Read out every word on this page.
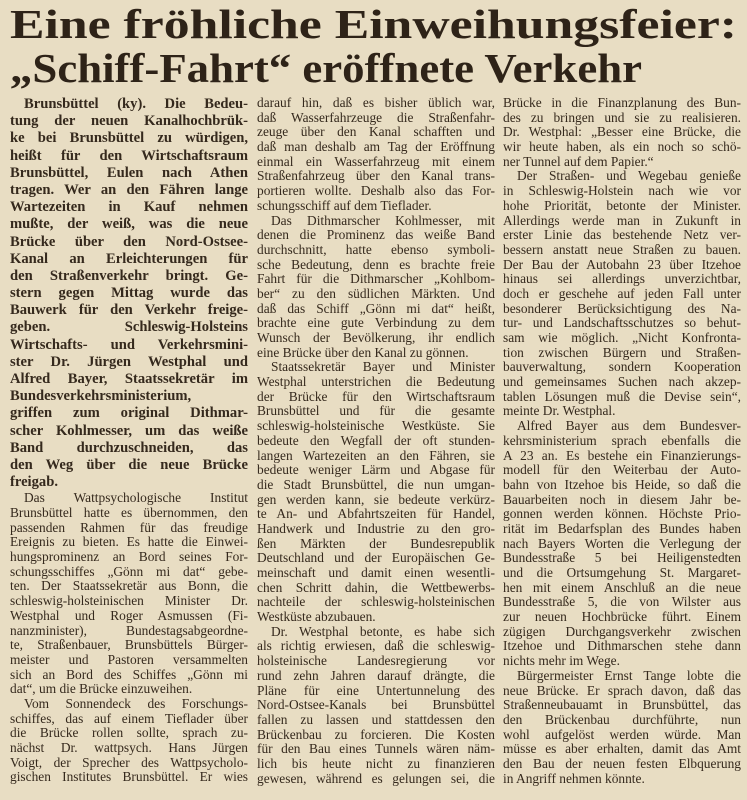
Eine fröhliche Einweihungsfeier:
„Schiff-Fahrt“ eröffnete Verkehr
Brunsbüttel (ky). Die Bedeu-
tung der neuen Kanalhochbrük-
ke bei Brunsbüttel zu würdigen,
heißt für den Wirtschaftsraum
Brunsbüttel, Eulen nach Athen
tragen. Wer an den Fähren lange
Wartezeiten in Kauf nehmen
mußte, der weiß, was die neue
Brücke über den Nord-Ostsee-
Kanal an Erleichterungen für
den Straßenverkehr bringt. Ge-
stern gegen Mittag wurde das
Bauwerk für den Verkehr freige-
geben. Schleswig-Holsteins
Wirtschafts- und Verkehrsmini-
ster Dr. Jürgen Westphal und
Alfred Bayer, Staatssekretär im
Bundesverkehrsministerium,
griffen zum original Dithmar-
scher Kohlmesser, um das weiße
Band durchzuschneiden, das
den Weg über die neue Brücke
freigab.
Das Wattpsychologische Institut
Brunsbüttel hatte es übernommen, den
passenden Rahmen für das freudige
Ereignis zu bieten. Es hatte die Einwei-
hungsprominenz an Bord seines For-
schungsschiffes „Gönn mi dat“ gebe-
ten. Der Staatssekretär aus Bonn, die
schleswig-holsteinischen Minister Dr.
Westphal und Roger Asmussen (Fi-
nanzminister), Bundestagsabgeordne-
te, Straßenbauer, Brunsbüttels Bürger-
meister und Pastoren versammelten
sich an Bord des Schiffes „Gönn mi
dat“, um die Brücke einzuweihen.
Vom Sonnendeck des Forschungs-
schiffes, das auf einem Tieflader über
die Brücke rollen sollte, sprach zu-
nächst Dr. wattpsych. Hans Jürgen
Voigt, der Sprecher des Wattpsycholo-
gischen Institutes Brunsbüttel. Er wies
darauf hin, daß es bisher üblich war,
daß Wasserfahrzeuge die Straßenfahr-
zeuge über den Kanal schafften und
daß man deshalb am Tag der Eröffnung
einmal ein Wasserfahrzeug mit einem
Straßenfahrzeug über den Kanal trans-
portieren wollte. Deshalb also das For-
schungsschiff auf dem Tieflader.
Das Dithmarscher Kohlmesser, mit
denen die Prominenz das weiße Band
durchschnitt, hatte ebenso symboli-
sche Bedeutung, denn es brachte freie
Fahrt für die Dithmarscher „Kohlbom-
ber“ zu den südlichen Märkten. Und
daß das Schiff „Gönn mi dat“ heißt,
brachte eine gute Verbindung zu dem
Wunsch der Bevölkerung, ihr endlich
eine Brücke über den Kanal zu gönnen.
Staatssekretär Bayer und Minister
Westphal unterstrichen die Bedeutung
der Brücke für den Wirtschaftsraum
Brunsbüttel und für die gesamte
schleswig-holsteinische Westküste. Sie
bedeute den Wegfall der oft stunden-
langen Wartezeiten an den Fähren, sie
bedeute weniger Lärm und Abgase für
die Stadt Brunsbüttel, die nun umgan-
gen werden kann, sie bedeute verkürz-
te An- und Abfahrtszeiten für Handel,
Handwerk und Industrie zu den gro-
ßen Märkten der Bundesrepublik
Deutschland und der Europäischen Ge-
meinschaft und damit einen wesentli-
chen Schritt dahin, die Wettbewerbs-
nachteile der schleswig-holsteinischen
Westküste abzubauen.
Dr. Westphal betonte, es habe sich
als richtig erwiesen, daß die schleswig-
holsteinische Landesregierung vor
rund zehn Jahren darauf drängte, die
Pläne für eine Untertunnelung des
Nord-Ostsee-Kanals bei Brunsbüttel
fallen zu lassen und stattdessen den
Brückenbau zu forcieren. Die Kosten
für den Bau eines Tunnels wären näm-
lich bis heute nicht zu finanzieren
gewesen, während es gelungen sei, die
Brücke in die Finanzplanung des Bun-
des zu bringen und sie zu realisieren.
Dr. Westphal: „Besser eine Brücke, die
wir heute haben, als ein noch so schö-
ner Tunnel auf dem Papier.“
Der Straßen- und Wegebau genieße
in Schleswig-Holstein nach wie vor
hohe Priorität, betonte der Minister.
Allerdings werde man in Zukunft in
erster Linie das bestehende Netz ver-
bessern anstatt neue Straßen zu bauen.
Der Bau der Autobahn 23 über Itzehoe
hinaus sei allerdings unverzichtbar,
doch er geschehe auf jeden Fall unter
besonderer Berücksichtigung des Na-
tur- und Landschaftsschutzes so behut-
sam wie möglich. „Nicht Konfronta-
tion zwischen Bürgern und Straßen-
bauverwaltung, sondern Kooperation
und gemeinsames Suchen nach akzep-
tablen Lösungen muß die Devise sein“,
meinte Dr. Westphal.
Alfred Bayer aus dem Bundesver-
kehrsministerium sprach ebenfalls die
A 23 an. Es bestehe ein Finanzierungs-
modell für den Weiterbau der Auto-
bahn von Itzehoe bis Heide, so daß die
Bauarbeiten noch in diesem Jahr be-
gonnen werden können. Höchste Prio-
rität im Bedarfsplan des Bundes haben
nach Bayers Worten die Verlegung der
Bundesstraße 5 bei Heiligenstedten
und die Ortsumgehung St. Margaret-
hen mit einem Anschluß an die neue
Bundesstraße 5, die von Wilster aus
zur neuen Hochbrücke führt. Einem
zügigen Durchgangsverkehr zwischen
Itzehoe und Dithmarschen stehe dann
nichts mehr im Wege.
Bürgermeister Ernst Tange lobte die
neue Brücke. Er sprach davon, daß das
Straßenneubauamt in Brunsbüttel, das
den Brückenbau durchführte, nun
wohl aufgelöst werden würde. Man
müsse es aber erhalten, damit das Amt
den Bau der neuen festen Elbquerung
in Angriff nehmen könnte.
